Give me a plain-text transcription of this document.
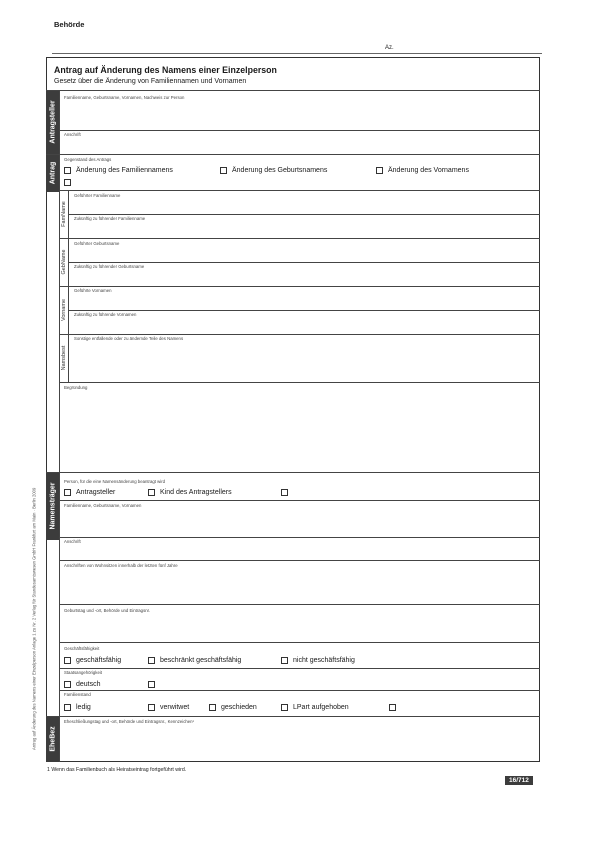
Behörde
Az.
Antrag auf Änderung des Namens einer Einzelperson
Gesetz über die Änderung von Familiennamen und Vornamen
Antragsteller
Antrag
Namensträger
EheBez
FamName
GebName
Vorname
Namsbest
Familienname, Geburtsname, Vornamen, Nachweis zur Person
Anschrift
Gegenstand des Antrags
Geführter Familienname
Zukünftig zu führender Familienname
Geführter Geburtsname
Zukünftig zu führender Geburtsname
Geführte Vornamen
Zukünftig zu führende Vornamen
Sonstige entfallende oder zu ändernde Teile des Namens
Begründung
Person, für die eine Namensänderung beantragt wird
Familienname, Geburtsname, Vornamen
Anschrift
Anschriften von Wohnsitzen innerhalb der letzten fünf Jahre
Geburtstag und -ort, Behörde und Eintragsnr.
Geschäftsfähigkeit
Staatsangehörigkeit
Familienstand
Eheschließungstag und -ort, Behörde und Eintragsnr., Kennzeichen¹
Änderung des Familiennamens	Änderung des Geburtsnamens	Änderung des Vornamens
Antragsteller	Kind des Antragstellers
geschäftsfähig	beschränkt geschäftsfähig	nicht geschäftsfähig
deutsch
ledig	verwitwet	geschieden	LPart aufgehoben
Antrag auf Änderung des Namens einer Einzelperson Anlage 1 zu Nr. 2 Verlag für Standesamtswesen GmbH Frankfurt am Main · Berlin 2009
1 Wenn das Familienbuch als Heiratseintrag fortgeführt wird.
16/712
